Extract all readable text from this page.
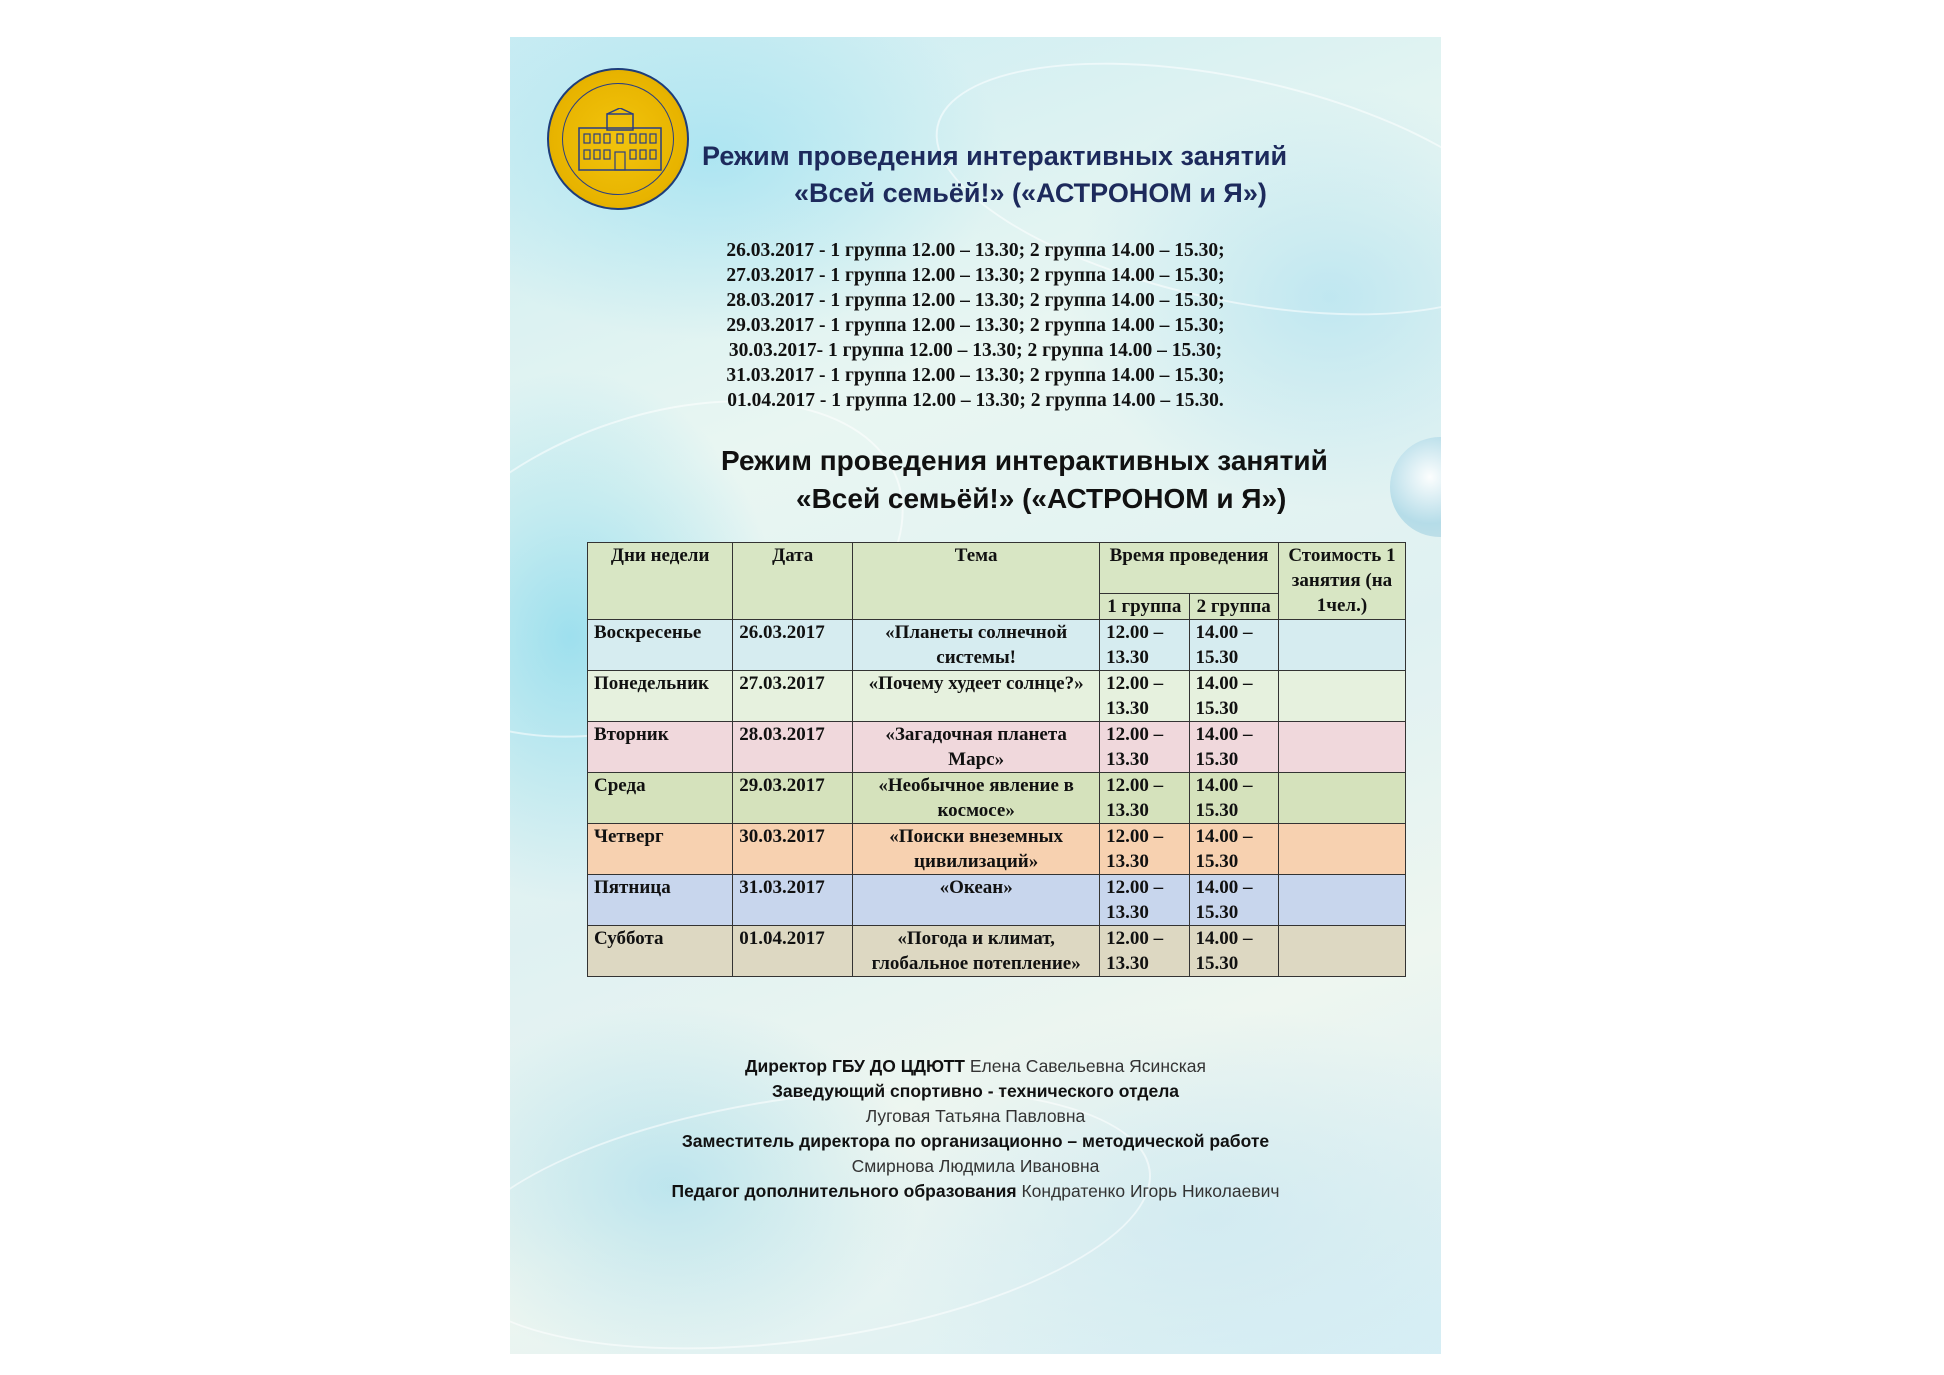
Режим проведения интерактивных занятий
«Всей семьёй!» («АСТРОНОМ и Я»)
26.03.2017 - 1 группа 12.00 – 13.30; 2 группа 14.00 – 15.30;
27.03.2017 - 1 группа 12.00 – 13.30; 2 группа 14.00 – 15.30;
28.03.2017 - 1 группа 12.00 – 13.30; 2 группа 14.00 – 15.30;
29.03.2017 - 1 группа 12.00 – 13.30; 2 группа 14.00 – 15.30;
30.03.2017- 1 группа 12.00 – 13.30; 2 группа 14.00 – 15.30;
31.03.2017 - 1 группа 12.00 – 13.30; 2 группа 14.00 – 15.30;
01.04.2017 - 1 группа 12.00 – 13.30; 2 группа 14.00 – 15.30.
Режим проведения интерактивных занятий
«Всей семьёй!» («АСТРОНОМ и Я»)
Дни недели	Дата	Тема	Время проведения		Стоимость 1 занятия (на 1чел.)
			1 группа	2 группа	
Воскресенье	26.03.2017	«Планеты солнечной системы!	12.00 – 13.30	14.00 – 15.30	
Понедельник	27.03.2017	«Почему худеет солнце?»	12.00 – 13.30	14.00 – 15.30	
Вторник	28.03.2017	«Загадочная планета Марс»	12.00 – 13.30	14.00 – 15.30	
Среда	29.03.2017	«Необычное явление в космосе»	12.00 – 13.30	14.00 – 15.30	
Четверг	30.03.2017	«Поиски внеземных цивилизаций»	12.00 – 13.30	14.00 – 15.30	
Пятница	31.03.2017	«Океан»	12.00 – 13.30	14.00 – 15.30	
Суббота	01.04.2017	«Погода и климат, глобальное потепление»	12.00 – 13.30	14.00 – 15.30	
Директор ГБУ ДО ЦДЮТТ Елена Савельевна Ясинская
Заведующий спортивно - технического отдела
Луговая Татьяна Павловна
Заместитель директора по организационно – методической работе
Смирнова Людмила Ивановна
Педагог дополнительного образования Кондратенко Игорь Николаевич
